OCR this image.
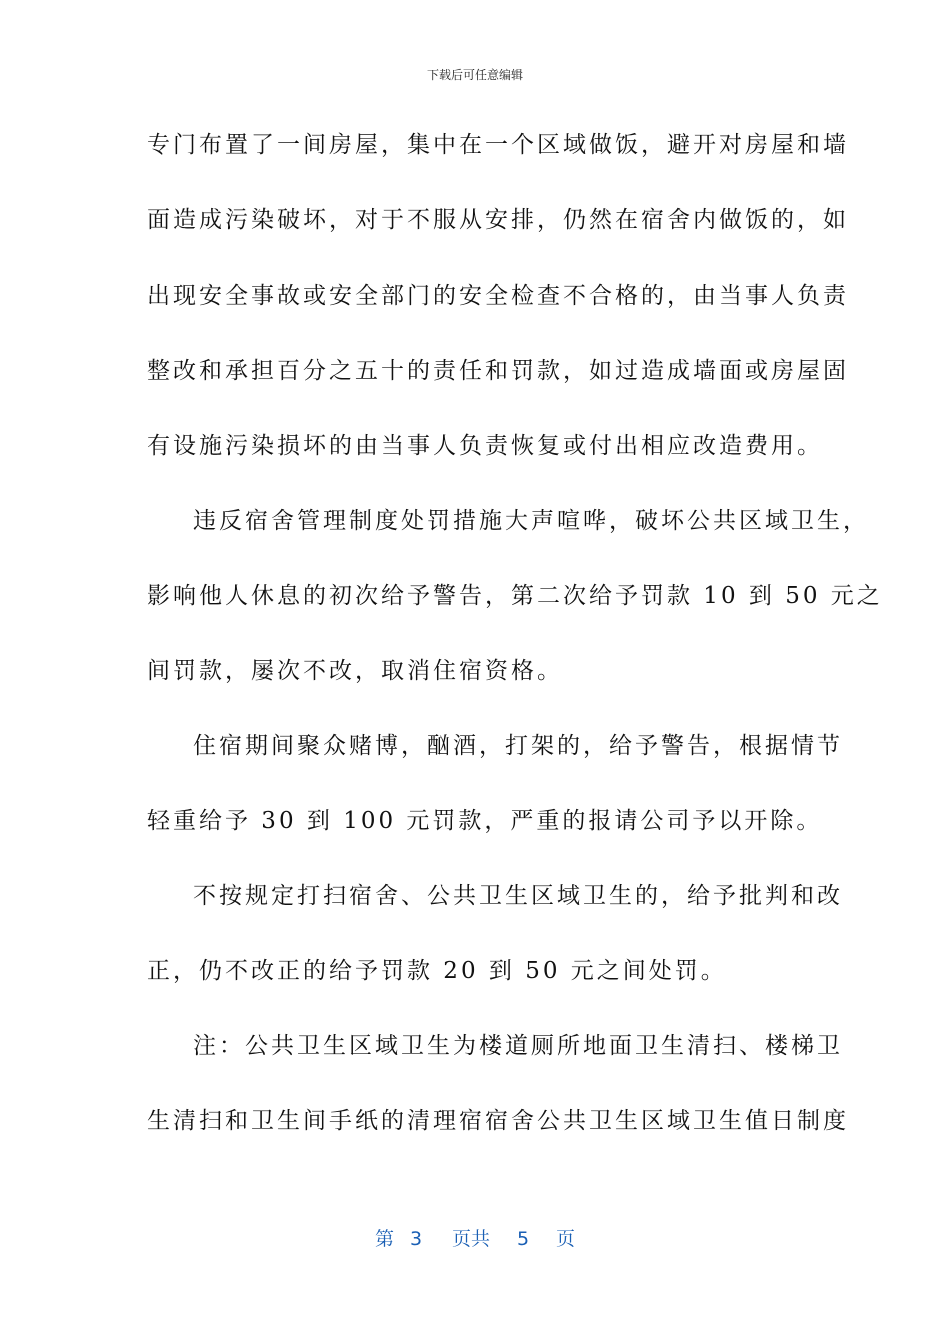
下载后可任意编辑
专门布置了一间房屋，集中在一个区域做饭，避开对房屋和墙
面造成污染破坏，对于不服从安排，仍然在宿舍内做饭的，如
出现安全事故或安全部门的安全检查不合格的，由当事人负责
整改和承担百分之五十的责任和罚款，如过造成墙面或房屋固
有设施污染损坏的由当事人负责恢复或付出相应改造费用。
违反宿舍管理制度处罚措施大声喧哗，破坏公共区域卫生，
影响他人休息的初次给予警告，第二次给予罚款 10 到 50 元之
间罚款，屡次不改，取消住宿资格。
住宿期间聚众赌博，酗酒，打架的，给予警告，根据情节
轻重给予 30 到 100 元罚款，严重的报请公司予以开除。
不按规定打扫宿舍、公共卫生区域卫生的，给予批判和改
正，仍不改正的给予罚款 20 到 50 元之间处罚。
注：公共卫生区域卫生为楼道厕所地面卫生清扫、楼梯卫
生清扫和卫生间手纸的清理宿宿舍公共卫生区域卫生值日制度
第 3 页共 5 页
